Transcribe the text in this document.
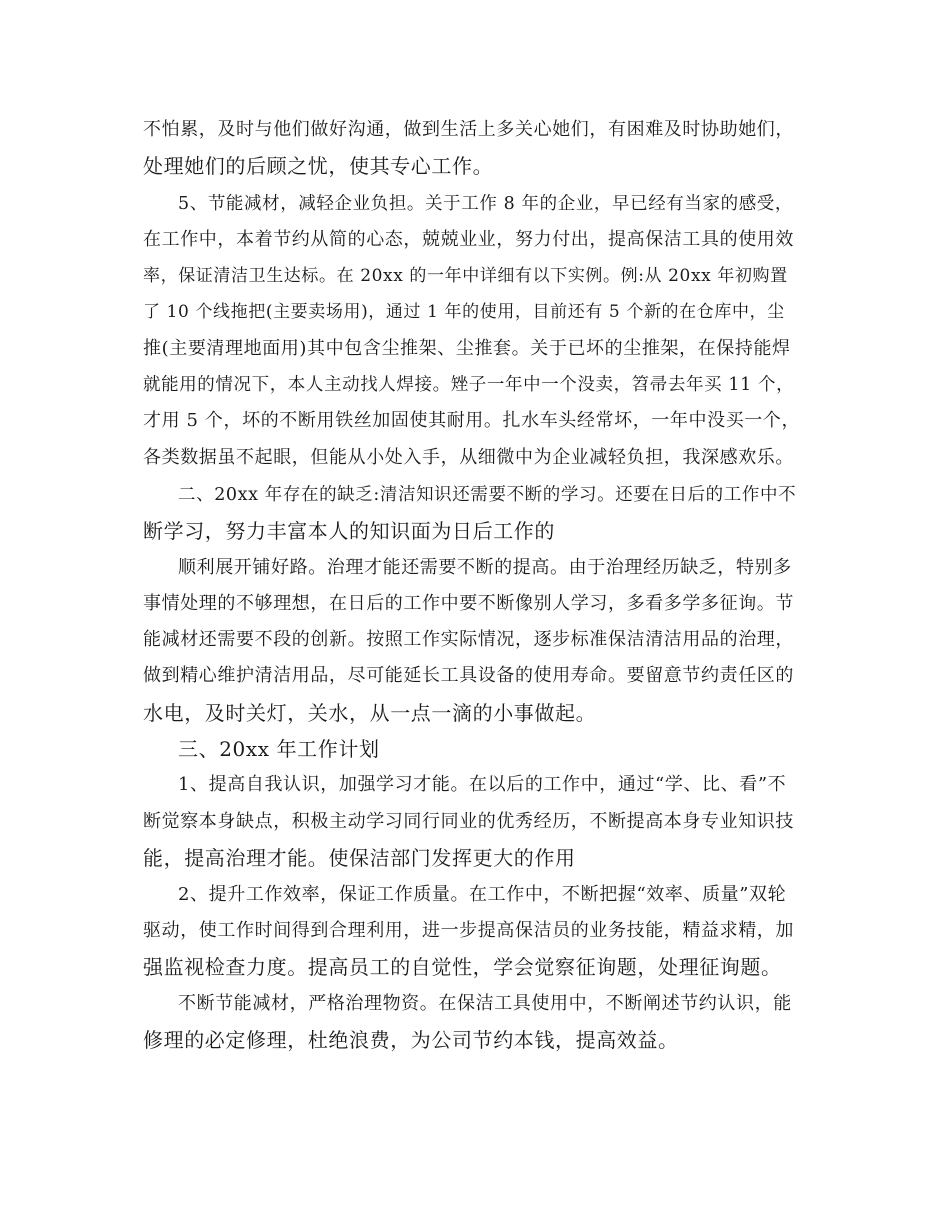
不怕累，及时与他们做好沟通，做到生活上多关心她们，有困难及时协助她们，
处理她们的后顾之忧，使其专心工作。
5、节能减材，减轻企业负担。关于工作 8 年的企业，早已经有当家的感受，
在工作中，本着节约从简的心态，兢兢业业，努力付出，提高保洁工具的使用效
率，保证清洁卫生达标。在 20xx 的一年中详细有以下实例。例:从 20xx 年初购置
了 10 个线拖把(主要卖场用)，通过 1 年的使用，目前还有 5 个新的在仓库中，尘
推(主要清理地面用)其中包含尘推架、尘推套。关于已坏的尘推架，在保持能焊
就能用的情况下，本人主动找人焊接。矬子一年中一个没卖，笤帚去年买 11 个，
才用 5 个，坏的不断用铁丝加固使其耐用。扎水车头经常坏，一年中没买一个，
各类数据虽不起眼，但能从小处入手，从细微中为企业减轻负担，我深感欢乐。
二、20xx 年存在的缺乏:清洁知识还需要不断的学习。还要在日后的工作中不
断学习，努力丰富本人的知识面为日后工作的
顺利展开铺好路。治理才能还需要不断的提高。由于治理经历缺乏，特别多
事情处理的不够理想，在日后的工作中要不断像别人学习，多看多学多征询。节
能减材还需要不段的创新。按照工作实际情况，逐步标准保洁清洁用品的治理，
做到精心维护清洁用品，尽可能延长工具设备的使用寿命。要留意节约责任区的
水电，及时关灯，关水，从一点一滴的小事做起。
三、20xx 年工作计划
1、提高自我认识，加强学习才能。在以后的工作中，通过“学、比、看”不
断觉察本身缺点，积极主动学习同行同业的优秀经历，不断提高本身专业知识技
能，提高治理才能。使保洁部门发挥更大的作用
2、提升工作效率，保证工作质量。在工作中，不断把握“效率、质量”双轮
驱动，使工作时间得到合理利用，进一步提高保洁员的业务技能，精益求精，加
强监视检查力度。提高员工的自觉性，学会觉察征询题，处理征询题。
不断节能减材，严格治理物资。在保洁工具使用中，不断阐述节约认识，能
修理的必定修理，杜绝浪费，为公司节约本钱，提高效益。
